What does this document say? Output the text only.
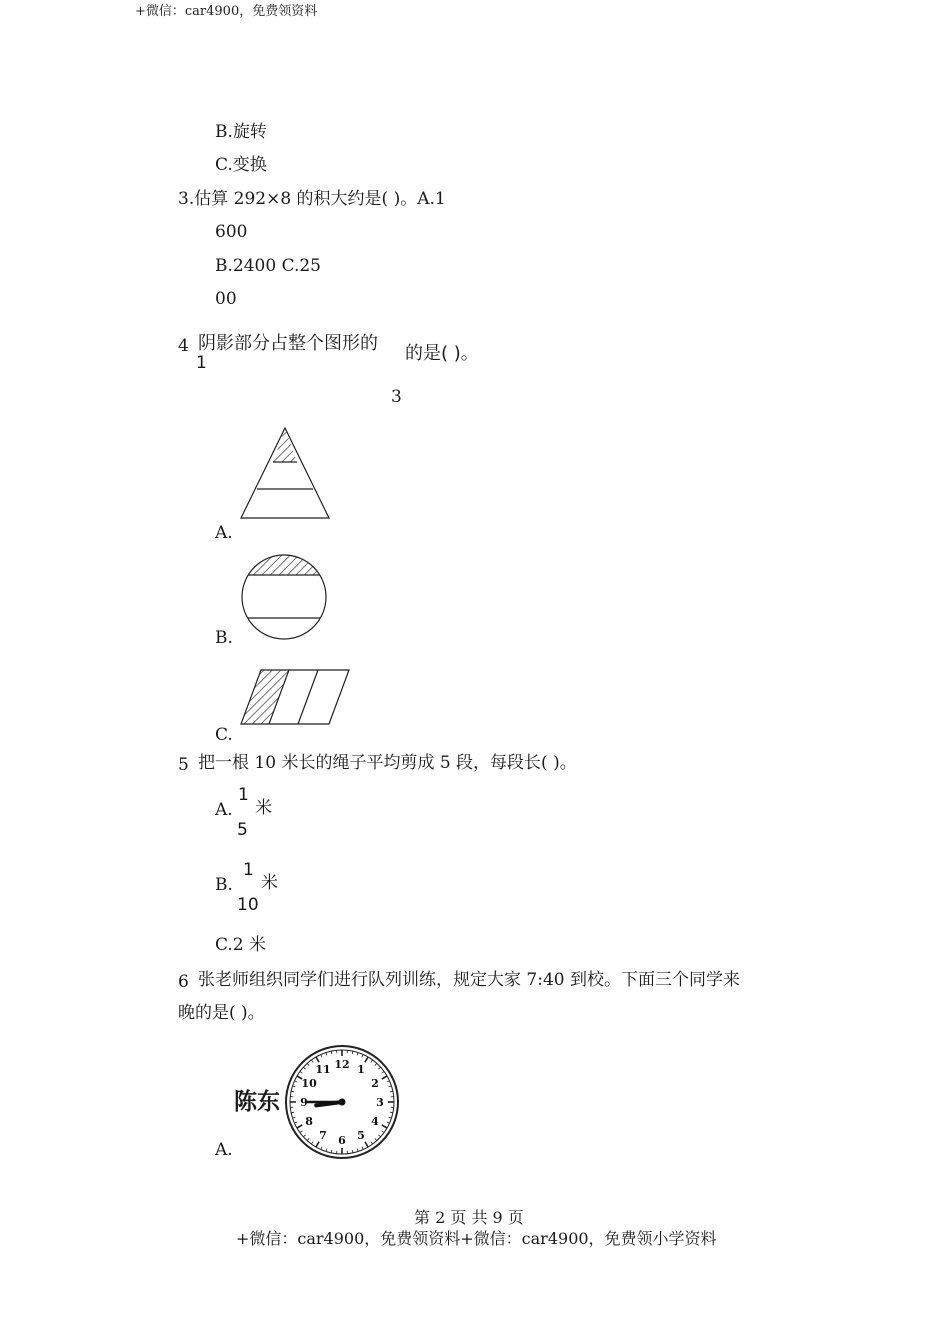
+微信：car4900，免费领资料
B.旋转
C.变换
3.估算 292×8 的积大约是( )。A.1
600
B.2400 C.25
00
4 阴影部分占整个图形的
1	的是( )。
3
A.
B.
C.
5 把一根 10 米长的绳子平均剪成 5 段，每段长( )。
A.
1
5
米
B.
1
10
米
C.2 米
6 张老师组织同学们进行队列训练，规定大家 7:40 到校。下面三个同学来
晚的是( )。
陈东
12 1
2
3
4
5
6
7
8
9
10
11
A.
第 2 页 共 9 页
+微信：car4900，免费领资料+微信：car4900，免费领小学资料
